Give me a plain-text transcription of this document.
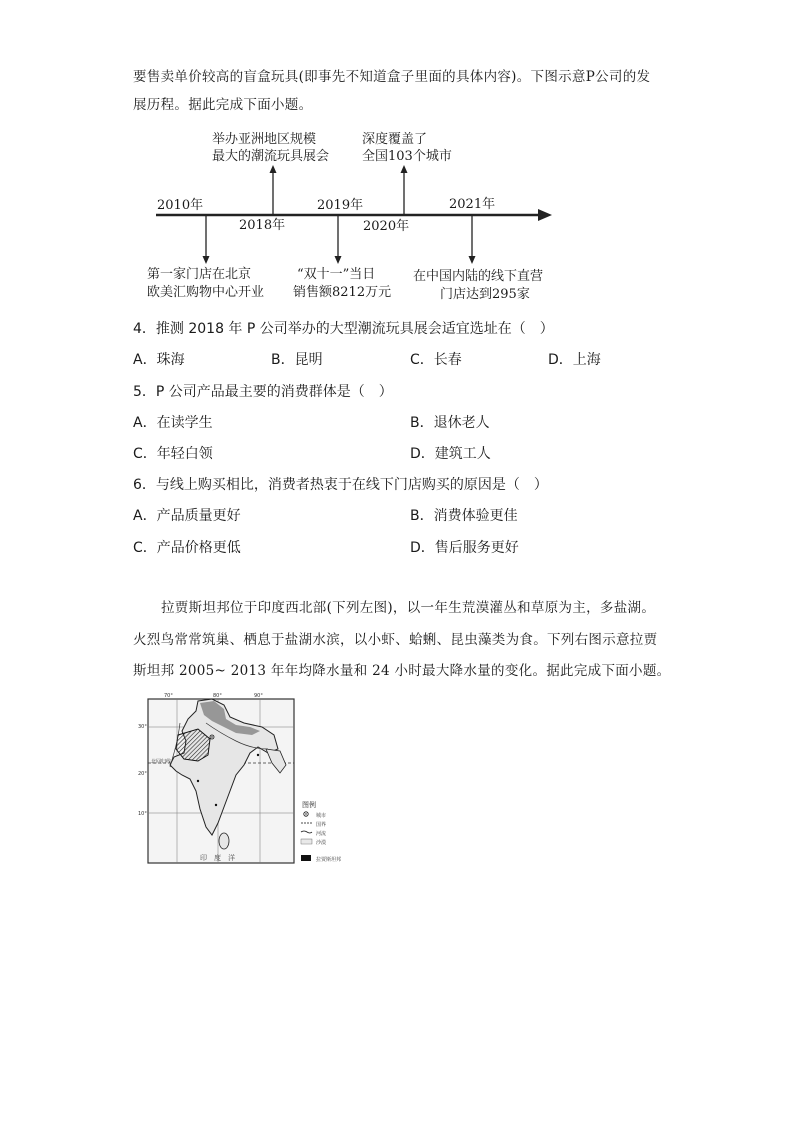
要售卖单价较高的盲盒玩具(即事先不知道盒子里面的具体内容)。下图示意P公司的发
展历程。据此完成下面小题。
2010年
2018年
2019年
2020年
2021年
举办亚洲地区规模
最大的潮流玩具展会
深度覆盖了
全国103个城市
第一家门店在北京
欧美汇购物中心开业
“双十一”当日
销售额8212万元
在中国内陆的线下直营
门店达到295家
4．推测 2018 年 P 公司举办的大型潮流玩具展会适宜选址在（　）
A．珠海	B．昆明	C．长春	D．上海
5．P 公司产品最主要的消费群体是（　）
A．在读学生	B．退休老人
C．年轻白领	D．建筑工人
6．与线上购买相比，消费者热衷于在线下门店购买的原因是（　）
A．产品质量更好	B．消费体验更佳
C．产品价格更低	D．售后服务更好
拉贾斯坦邦位于印度西北部(下列左图)，以一年生荒漠灌丛和草原为主，多盐湖。
火烈鸟常常筑巢、栖息于盐湖水滨，以小虾、蛤蜊、昆虫藻类为食。下列右图示意拉贾
斯坦邦 2005~ 2013 年年均降水量和 24 小时最大降水量的变化。据此完成下面小题。
70°	80°	90°
30°
20°
10°
北回归线
印　度　洋
图例
城市
国界
河流
沙漠
拉贾斯坦邦
